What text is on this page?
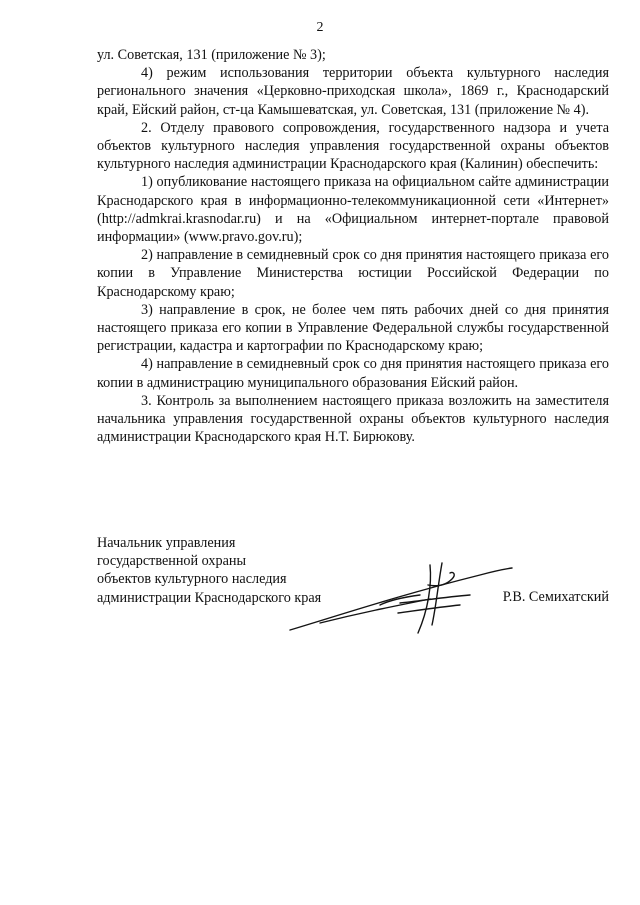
2

ул. Советская, 131 (приложение № 3);

4) режим использования территории объекта культурного наследия регионального значения «Церковно-приходская школа», 1869 г., Краснодарский край, Ейский район, ст-ца Камышеватская, ул. Советская, 131 (приложение № 4).

2. Отделу правового сопровождения, государственного надзора и учета объектов культурного наследия управления государственной охраны объектов культурного наследия администрации Краснодарского края (Калинин) обеспечить:

1) опубликование настоящего приказа на официальном сайте администрации Краснодарского края в информационно-телекоммуникационной сети «Интернет» (http://admkrai.krasnodar.ru) и на «Официальном интернет-портале правовой информации» (www.pravo.gov.ru);

2) направление в семидневный срок со дня принятия настоящего приказа его копии в Управление Министерства юстиции Российской Федерации по Краснодарскому краю;

3) направление в срок, не более чем пять рабочих дней со дня принятия настоящего приказа его копии в Управление Федеральной службы государственной регистрации, кадастра и картографии по Краснодарскому краю;

4) направление в семидневный срок со дня принятия настоящего приказа его копии в администрацию муниципального образования Ейский район.

3. Контроль за выполнением настоящего приказа возложить на заместителя начальника управления государственной охраны объектов культурного наследия администрации Краснодарского края Н.Т. Бирюкову.

Начальник управления
государственной охраны
объектов культурного наследия
администрации Краснодарского края	Р.В. Семихатский
